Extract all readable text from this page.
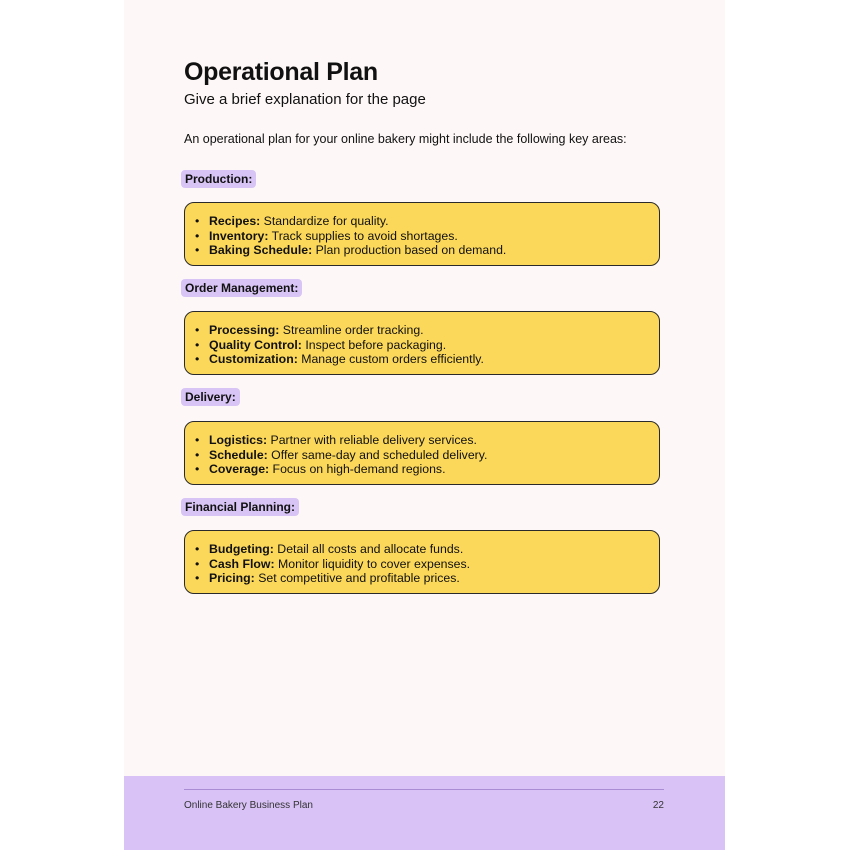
Operational Plan
Give a brief explanation for the page
An operational plan for your online bakery might include the following key areas:
Production:
• Recipes: Standardize for quality.
• Inventory: Track supplies to avoid shortages.
• Baking Schedule: Plan production based on demand.
Order Management:
• Processing: Streamline order tracking.
• Quality Control: Inspect before packaging.
• Customization: Manage custom orders efficiently.
Delivery:
• Logistics: Partner with reliable delivery services.
• Schedule: Offer same-day and scheduled delivery.
• Coverage: Focus on high-demand regions.
Financial Planning:
• Budgeting: Detail all costs and allocate funds.
• Cash Flow: Monitor liquidity to cover expenses.
• Pricing: Set competitive and profitable prices.
Online Bakery Business Plan	22
